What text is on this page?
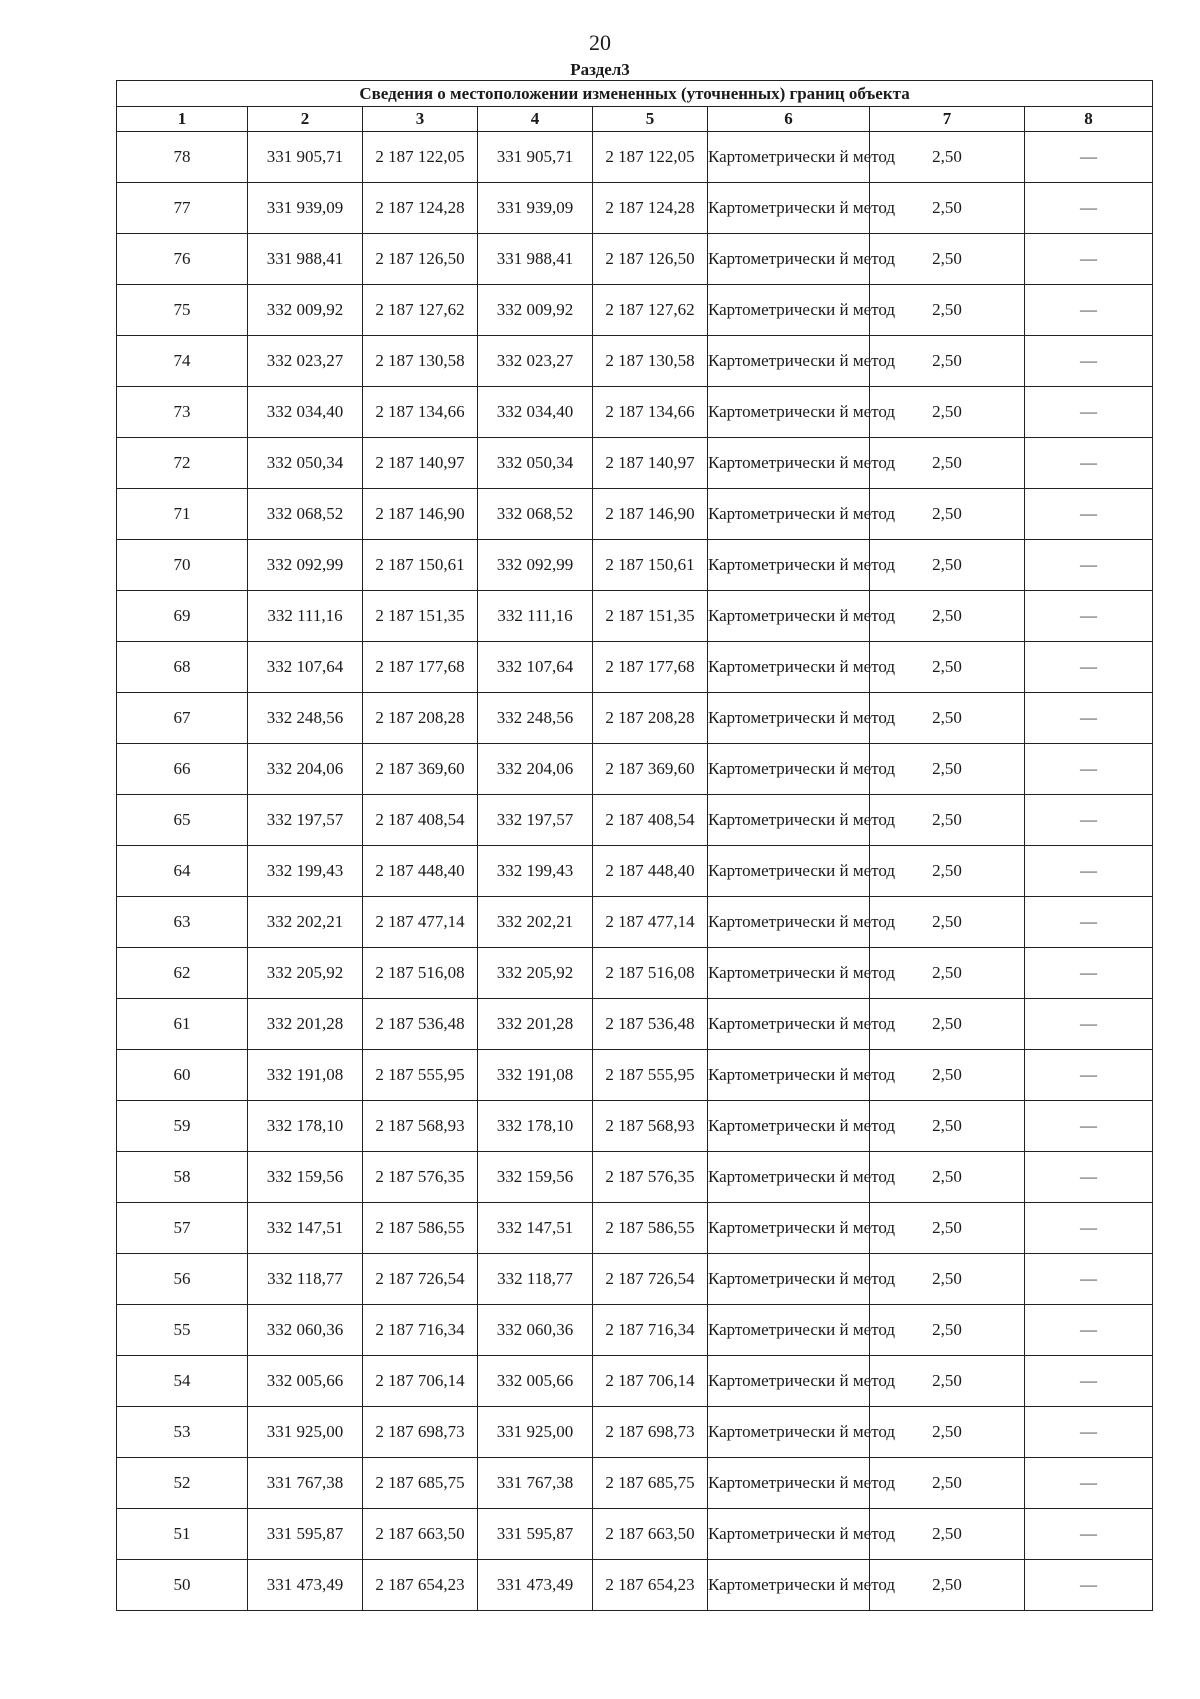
20
Раздел3
Сведения о местоположении измененных (уточненных) границ объекта							
1	2	3	4	5	6	7	8
78	331 905,71	2 187 122,05	331 905,71	2 187 122,05	Картометрически й метод	2,50	—
77	331 939,09	2 187 124,28	331 939,09	2 187 124,28	Картометрически й метод	2,50	—
76	331 988,41	2 187 126,50	331 988,41	2 187 126,50	Картометрически й метод	2,50	—
75	332 009,92	2 187 127,62	332 009,92	2 187 127,62	Картометрически й метод	2,50	—
74	332 023,27	2 187 130,58	332 023,27	2 187 130,58	Картометрически й метод	2,50	—
73	332 034,40	2 187 134,66	332 034,40	2 187 134,66	Картометрически й метод	2,50	—
72	332 050,34	2 187 140,97	332 050,34	2 187 140,97	Картометрически й метод	2,50	—
71	332 068,52	2 187 146,90	332 068,52	2 187 146,90	Картометрически й метод	2,50	—
70	332 092,99	2 187 150,61	332 092,99	2 187 150,61	Картометрически й метод	2,50	—
69	332 111,16	2 187 151,35	332 111,16	2 187 151,35	Картометрически й метод	2,50	—
68	332 107,64	2 187 177,68	332 107,64	2 187 177,68	Картометрически й метод	2,50	—
67	332 248,56	2 187 208,28	332 248,56	2 187 208,28	Картометрически й метод	2,50	—
66	332 204,06	2 187 369,60	332 204,06	2 187 369,60	Картометрически й метод	2,50	—
65	332 197,57	2 187 408,54	332 197,57	2 187 408,54	Картометрически й метод	2,50	—
64	332 199,43	2 187 448,40	332 199,43	2 187 448,40	Картометрически й метод	2,50	—
63	332 202,21	2 187 477,14	332 202,21	2 187 477,14	Картометрически й метод	2,50	—
62	332 205,92	2 187 516,08	332 205,92	2 187 516,08	Картометрически й метод	2,50	—
61	332 201,28	2 187 536,48	332 201,28	2 187 536,48	Картометрически й метод	2,50	—
60	332 191,08	2 187 555,95	332 191,08	2 187 555,95	Картометрически й метод	2,50	—
59	332 178,10	2 187 568,93	332 178,10	2 187 568,93	Картометрически й метод	2,50	—
58	332 159,56	2 187 576,35	332 159,56	2 187 576,35	Картометрически й метод	2,50	—
57	332 147,51	2 187 586,55	332 147,51	2 187 586,55	Картометрически й метод	2,50	—
56	332 118,77	2 187 726,54	332 118,77	2 187 726,54	Картометрически й метод	2,50	—
55	332 060,36	2 187 716,34	332 060,36	2 187 716,34	Картометрически й метод	2,50	—
54	332 005,66	2 187 706,14	332 005,66	2 187 706,14	Картометрически й метод	2,50	—
53	331 925,00	2 187 698,73	331 925,00	2 187 698,73	Картометрически й метод	2,50	—
52	331 767,38	2 187 685,75	331 767,38	2 187 685,75	Картометрически й метод	2,50	—
51	331 595,87	2 187 663,50	331 595,87	2 187 663,50	Картометрически й метод	2,50	—
50	331 473,49	2 187 654,23	331 473,49	2 187 654,23	Картометрически й метод	2,50	—
